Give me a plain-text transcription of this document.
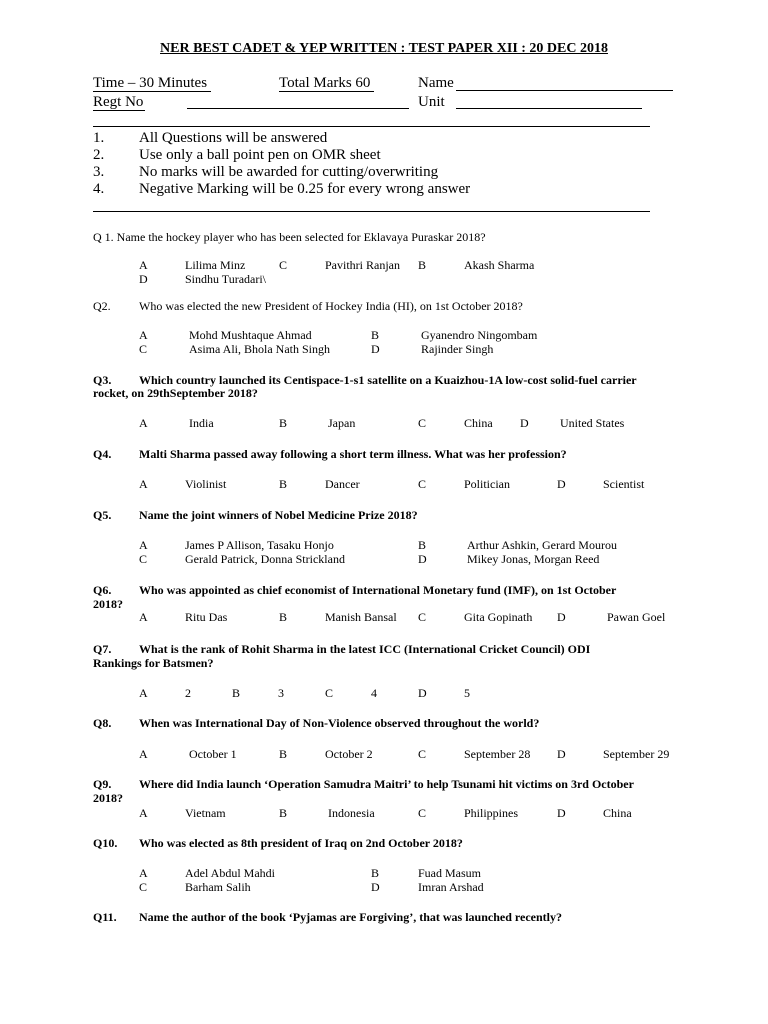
NER BEST CADET & YEP WRITTEN : TEST PAPER XII : 20 DEC 2018
Time – 30 Minutes	Total Marks 60	Name
Regt No	Unit
1. All Questions will be answered
2. Use only a ball point pen on OMR sheet
3. No marks will be awarded for cutting/overwriting
4. Negative Marking will be 0.25 for every wrong answer
Q 1. Name the hockey player who has been selected for Eklavaya Puraskar 2018?
A	Lilima Minz	C	Pavithri Ranjan B	Akash Sharma
D	Sindhu Turadari\
Q2. Who was elected the new President of Hockey India (HI), on 1st October 2018?
A	Mohd Mushtaque Ahmad	B	Gyanendro Ningombam
C	Asima Ali, Bhola Nath Singh	D	Rajinder Singh
Q3. Which country launched its Centispace-1-s1 satellite on a Kuaizhou-1A low-cost solid-fuel carrier
rocket, on 29thSeptember 2018?
A	India	B	Japan	C	China D	United States
Q4. Malti Sharma passed away following a short term illness. What was her profession?
A	Violinist	B	Dancer	C	Politician	D	Scientist
Q5. Name the joint winners of Nobel Medicine Prize 2018?
A	James P Allison, Tasaku Honjo	B	Arthur Ashkin, Gerard Mourou
C	Gerald Patrick, Donna Strickland	D	Mikey Jonas, Morgan Reed
Q6. Who was appointed as chief economist of International Monetary fund (IMF), on 1st October
2018?
A	Ritu Das	B	Manish Bansal C	Gita Gopinath D	Pawan Goel
Q7. What is the rank of Rohit Sharma in the latest ICC (International Cricket Council) ODI
Rankings for Batsmen?
A	2	B	3	C	4	D	5
Q8. When was International Day of Non-Violence observed throughout the world?
A	October 1	B	October 2	C	September 28 D	September 29
Q9. Where did India launch ‘Operation Samudra Maitri’ to help Tsunami hit victims on 3rd October
2018?
A	Vietnam	B	Indonesia	C	Philippines	D	China
Q10. Who was elected as 8th president of Iraq on 2nd October 2018?
A	Adel Abdul Mahdi	B	Fuad Masum
C	Barham Salih	D	Imran Arshad
Q11. Name the author of the book ‘Pyjamas are Forgiving’, that was launched recently?
